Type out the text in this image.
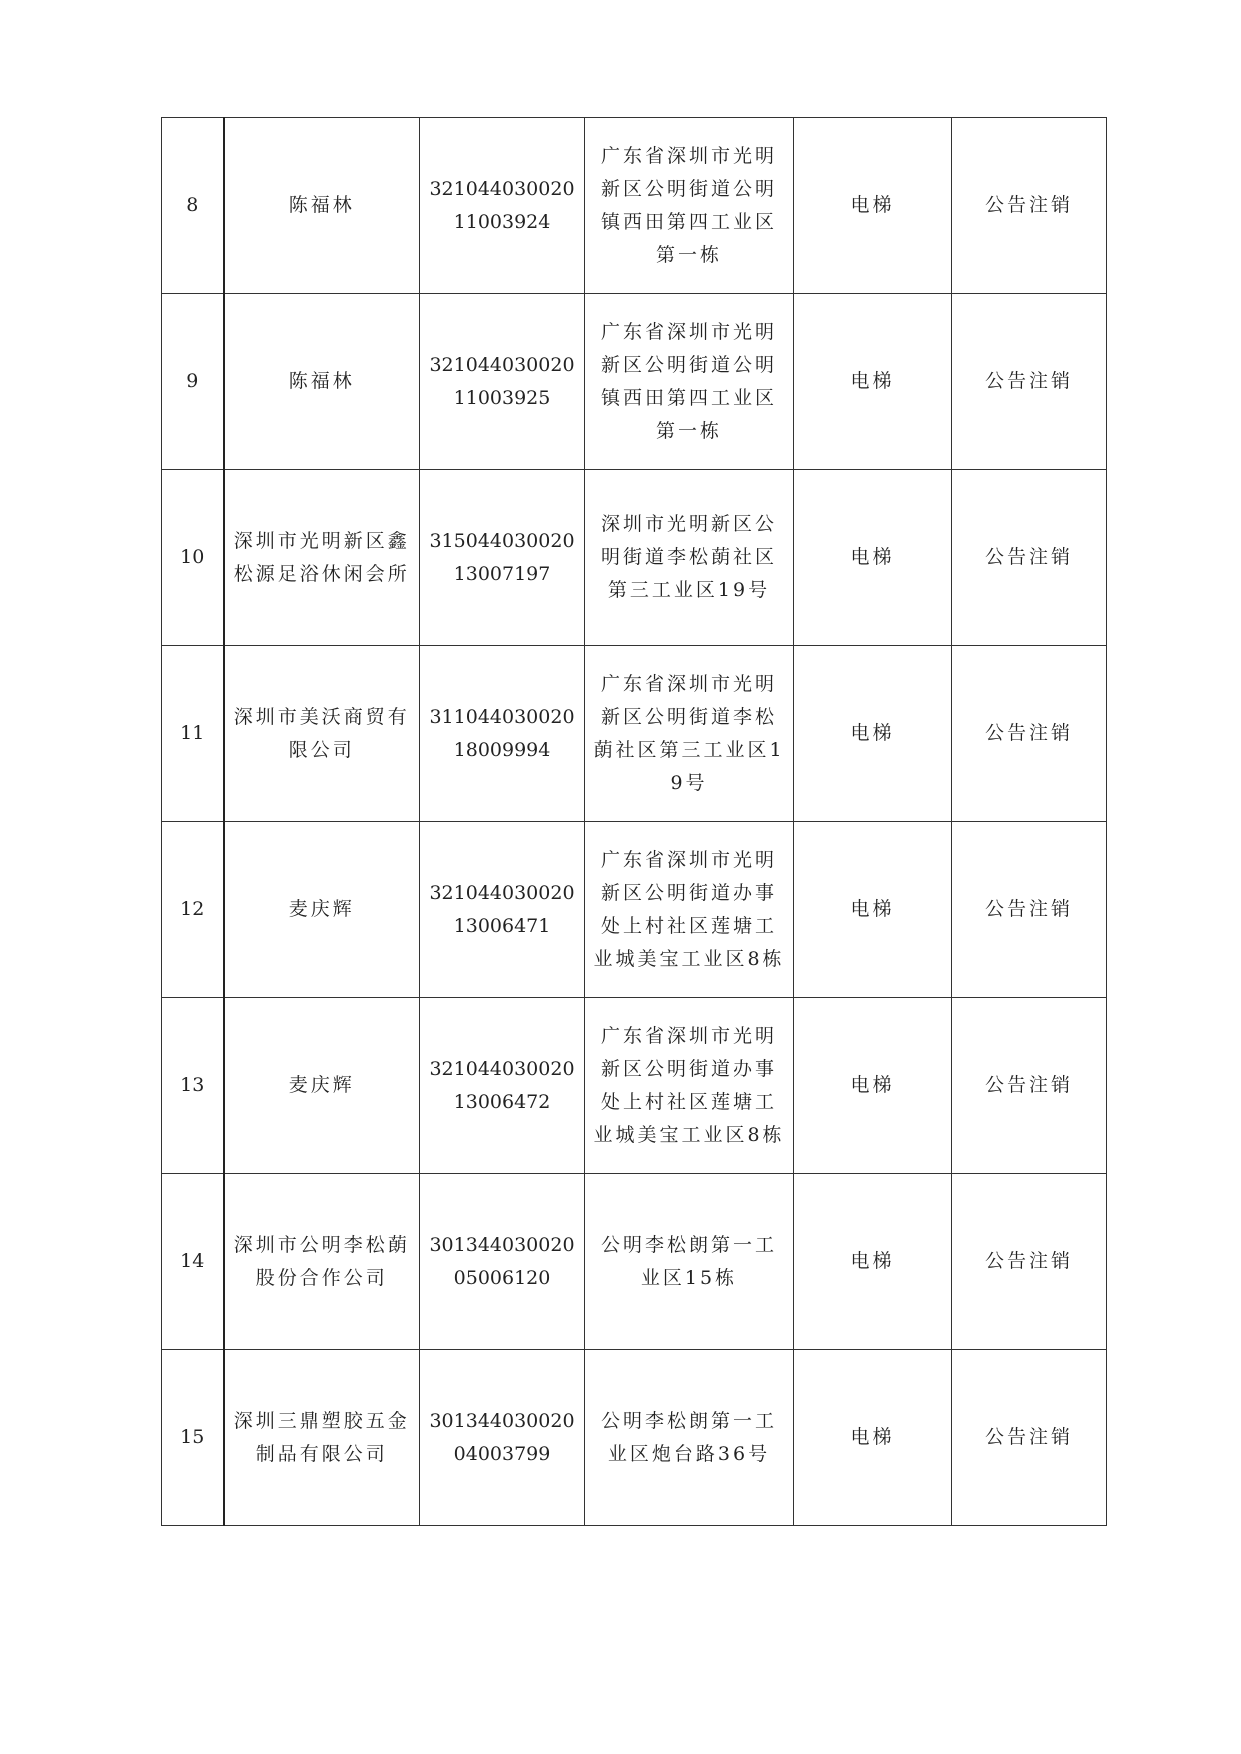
8	陈福林	32104403002011003924	广东省深圳市光明新区公明街道公明镇西田第四工业区第一栋	电梯	公告注销
9	陈福林	32104403002011003925	广东省深圳市光明新区公明街道公明镇西田第四工业区第一栋	电梯	公告注销
10	深圳市光明新区鑫松源足浴休闲会所	31504403002013007197	深圳市光明新区公明街道李松蓢社区第三工业区19号	电梯	公告注销
11	深圳市美沃商贸有限公司	31104403002018009994	广东省深圳市光明新区公明街道李松蓢社区第三工业区19号	电梯	公告注销
12	麦庆辉	32104403002013006471	广东省深圳市光明新区公明街道办事处上村社区莲塘工业城美宝工业区8栋	电梯	公告注销
13	麦庆辉	32104403002013006472	广东省深圳市光明新区公明街道办事处上村社区莲塘工业城美宝工业区8栋	电梯	公告注销
14	深圳市公明李松蓢股份合作公司	30134403002005006120	公明李松朗第一工业区15栋	电梯	公告注销
15	深圳三鼎塑胶五金制品有限公司	30134403002004003799	公明李松朗第一工业区炮台路36号	电梯	公告注销
